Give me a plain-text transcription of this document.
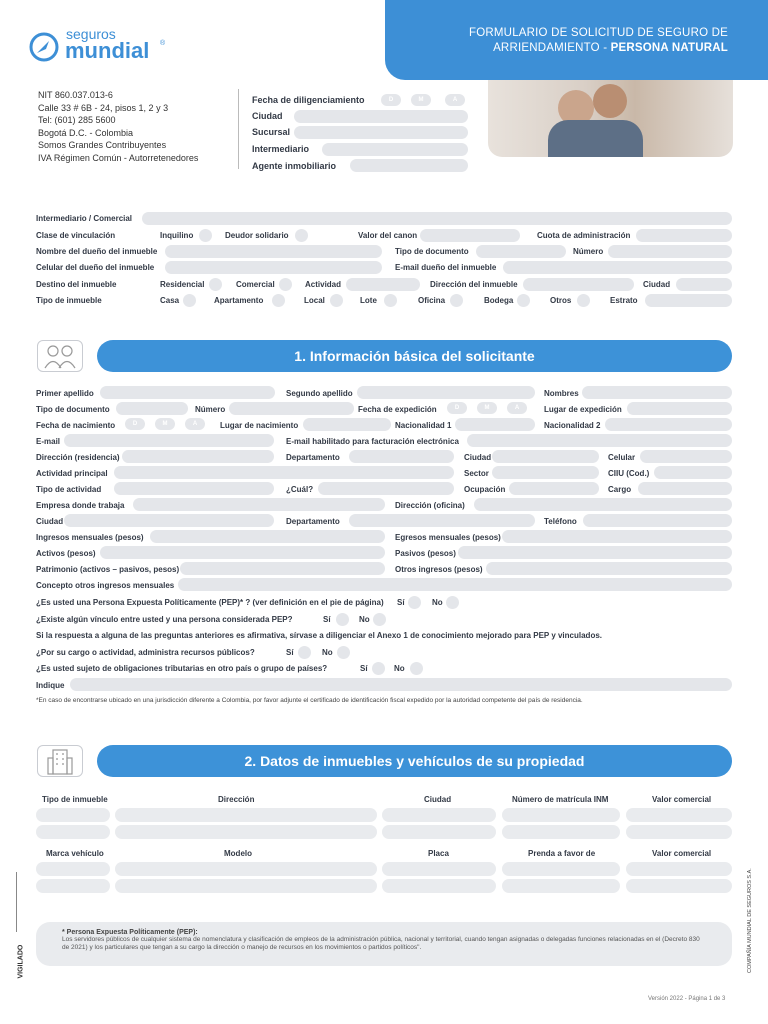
seguros
mundial ®
FORMULARIO DE SOLICITUD DE SEGURO DE
ARRIENDAMIENTO - PERSONA NATURAL
NIT 860.037.013-6
Calle 33 # 6B - 24, pisos 1, 2 y 3
Tel: (601) 285 5600
Bogotá D.C. - Colombia
Somos Grandes Contribuyentes
IVA Régimen Común - Autorretenedores
Fecha de diligenciamiento	D	M	A
Ciudad
Sucursal
Intermediario
Agente inmobiliario
Intermediario / Comercial
Clase de vinculación	Inquilino	Deudor solidario	Valor del canon	Cuota de administración
Nombre del dueño del inmueble	Tipo de documento	Número
Celular del dueño del inmueble	E-mail dueño del inmueble
Destino del inmueble	Residencial	Comercial	Actividad	Dirección del inmueble	Ciudad
Tipo de inmueble	Casa	Apartamento	Local	Lote	Oficina	Bodega	Otros	Estrato
1. Información básica del solicitante
Primer apellido	Segundo apellido	Nombres
Tipo de documento	Número	Fecha de expedición	D	M	A	Lugar de expedición
Fecha de nacimiento	D	M	A	Lugar de nacimiento	Nacionalidad 1	Nacionalidad 2
E-mail	E-mail habilitado para facturación electrónica
Dirección (residencia)	Departamento	Ciudad	Celular
Actividad principal	Sector	CIIU (Cod.)
Tipo de actividad	¿Cuál?	Ocupación	Cargo
Empresa donde trabaja	Dirección (oficina)
Ciudad	Departamento	Teléfono
Ingresos mensuales (pesos)	Egresos mensuales (pesos)
Activos (pesos)	Pasivos (pesos)
Patrimonio (activos – pasivos, pesos)	Otros ingresos (pesos)
Concepto otros ingresos mensuales
¿Es usted una Persona Expuesta Políticamente (PEP)* ? (ver definición en el pie de página) Sí	No
¿Existe algún vínculo entre usted y una persona considerada PEP?	Sí	No
Si la respuesta a alguna de las preguntas anteriores es afirmativa, sírvase a diligenciar el Anexo 1 de conocimiento mejorado para PEP y vinculados.
¿Por su cargo o actividad, administra recursos públicos?	Sí	No
¿Es usted sujeto de obligaciones tributarias en otro país o grupo de países?	Sí	No
Indique
*En caso de encontrarse ubicado en una jurisdicción diferente a Colombia, por favor adjunte el certificado de identificación fiscal expedido por la autoridad competente del país de residencia.
2. Datos de inmuebles y vehículos de su propiedad
Tipo de inmueble	Dirección	Ciudad	Número de matrícula INM	Valor comercial
Marca vehículo	Modelo	Placa	Prenda a favor de	Valor comercial
* Persona Expuesta Políticamente (PEP):
Los servidores públicos de cualquier sistema de nomenclatura y clasificación de empleos de la administración pública, nacional y territorial, cuando tengan asignadas o delegadas funciones relacionadas en el (Decreto 830 de 2021) y los particulares que tengan a su cargo la dirección o manejo de recursos en los movimientos o partidos políticos".
VIGILADO	COMPAÑÍA MUNDIAL DE SEGUROS S.A.
Versión 2022 - Página 1 de 3
